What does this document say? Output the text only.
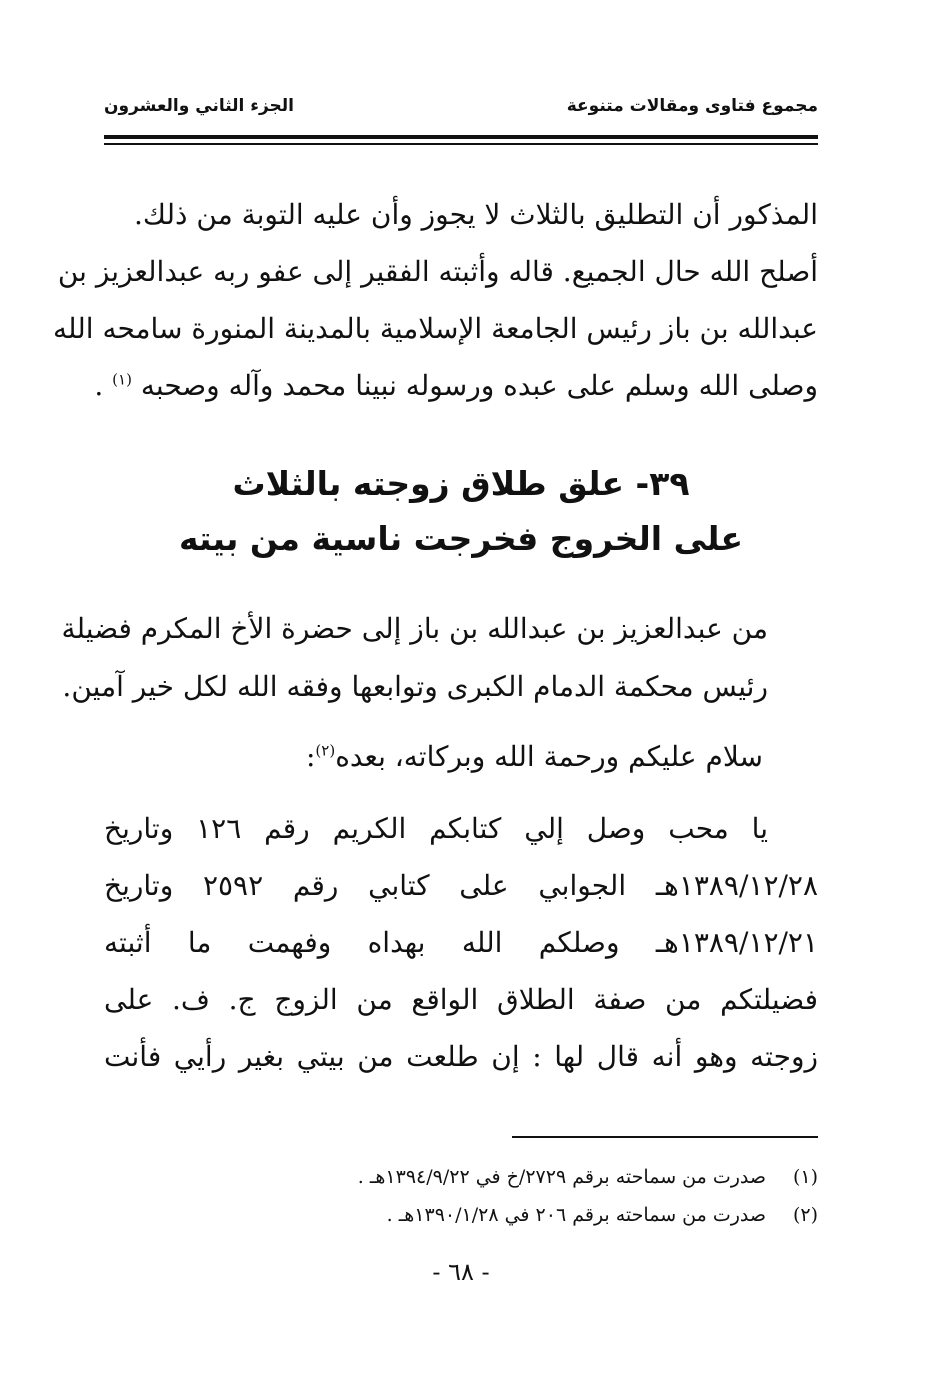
مجموع فتاوى ومقالات متنوعة
الجزء الثاني والعشرون
المذكور أن التطليق بالثلاث لا يجوز وأن عليه التوبة من ذلك.
أصلح الله حال الجميع. قاله وأثبته الفقير إلى عفو ربه عبدالعزيز بن
عبدالله بن باز رئيس الجامعة الإسلامية بالمدينة المنورة سامحه الله
وصلى الله وسلم على عبده ورسوله نبينا محمد وآله وصحبه $^{(١)}$ .
٣٩- علق طلاق زوجته بالثلاث
على الخروج فخرجت ناسية من بيته
من عبدالعزيز بن عبدالله بن باز إلى حضرة الأخ المكرم فضيلة
رئيس محكمة الدمام الكبرى وتوابعها وفقه الله لكل خير آمين.
سلام عليكم ورحمة الله وبركاته، بعده$^{(٢)}$:
يا محب وصل إلي كتابكم الكريم رقم ١٢٦ وتاريخ
١٣٨٩/١٢/٢٨هـ الجوابي على كتابي رقم ٢٥٩٢ وتاريخ
١٣٨٩/١٢/٢١هـ وصلكم الله بهداه وفهمت ما أثبته
فضيلتكم من صفة الطلاق الواقع من الزوج ج. ف. على
زوجته وهو أنه قال لها : إن طلعت من بيتي بغير رأيي فأنت
(١)صدرت من سماحته برقم ٢٧٢٩/خ في ١٣٩٤/٩/٢٢هـ .
(٢)صدرت من سماحته برقم ٢٠٦ في ١٣٩٠/١/٢٨هـ .
- ٦٨ -
